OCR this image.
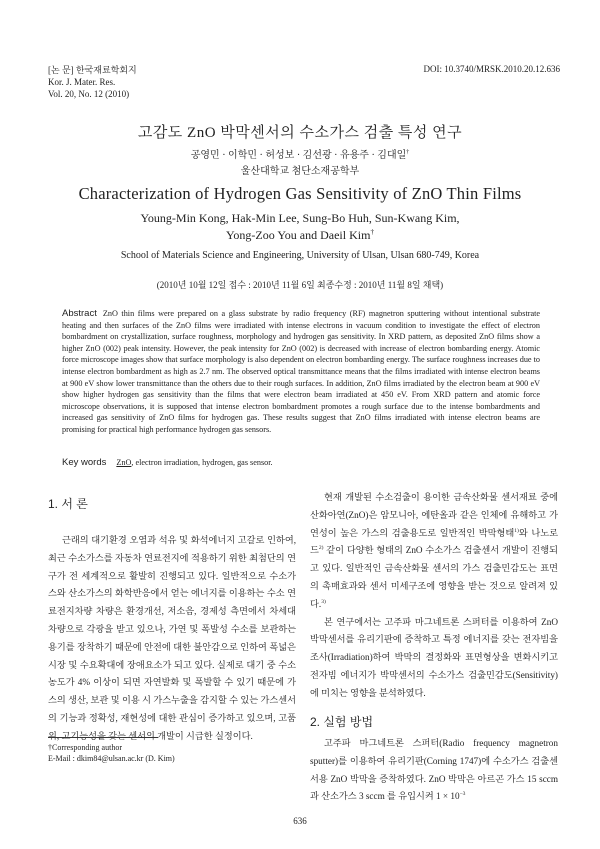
[논 문] 한국재료학회지
Kor. J. Mater. Res.
Vol. 20, No. 12 (2010)
DOI: 10.3740/MRSK.2010.20.12.636
고감도 ZnO 박막센서의 수소가스 검출 특성 연구
공영민 · 이학민 · 허성보 · 김선광 · 유용주 · 김대일†
울산대학교 첨단소재공학부
Characterization of Hydrogen Gas Sensitivity of ZnO Thin Films
Young-Min Kong, Hak-Min Lee, Sung-Bo Huh, Sun-Kwang Kim,
Yong-Zoo You and Daeil Kim†
School of Materials Science and Engineering, University of Ulsan, Ulsan 680-749, Korea
(2010년 10월 12일 접수 : 2010년 11월 6일 최종수정 : 2010년 11월 8일 채택)
Abstract ZnO thin films were prepared on a glass substrate by radio frequency (RF) magnetron sputtering without intentional substrate heating and then surfaces of the ZnO films were irradiated with intense electrons in vacuum condition to investigate the effect of electron bombardment on crystallization, surface roughness, morphology and hydrogen gas sensitivity. In XRD pattern, as deposited ZnO films show a higher ZnO (002) peak intensity. However, the peak intensity for ZnO (002) is decreased with increase of electron bombarding energy. Atomic force microscope images show that surface morphology is also dependent on electron bombarding energy. The surface roughness increases due to intense electron bombardment as high as 2.7 nm. The observed optical transmittance means that the films irradiated with intense electron beams at 900 eV show lower transmittance than the others due to their rough surfaces. In addition, ZnO films irradiated by the electron beam at 900 eV show higher hydrogen gas sensitivity than the films that were electron beam irradiated at 450 eV. From XRD pattern and atomic force microscope observations, it is supposed that intense electron bombardment promotes a rough surface due to the intense bombardments and increased gas sensitivity of ZnO films for hydrogen gas. These results suggest that ZnO films irradiated with intense electron beams are promising for practical high performance hydrogen gas sensors.
Key words ZnO, electron irradiation, hydrogen, gas sensor.
1. 서 론

근래의 대기환경 오염과 석유 및 화석에너지 고갈로 인하여, 최근 수소가스를 자동차 연료전지에 적용하기 위한 최첨단의 연구가 전 세계적으로 활발히 진행되고 있다. 일반적으로 수소가스와 산소가스의 화학반응에서 얻는 에너지를 이용하는 수소 연료전지차량 차량은 환경개선, 저소음, 경제성 측면에서 차세대 차량으로 각광을 받고 있으나, 가연 및 폭발성 수소를 보관하는 용기를 장착하기 때문에 안전에 대한 불안감으로 인하여 폭넓은 시장 및 수요확대에 장애요소가 되고 있다. 실제로 대기 중 수소농도가 4% 이상이 되면 자연발화 및 폭발할 수 있기 때문에 가스의 생산, 보관 및 이용 시 가스누출을 감지할 수 있는 가스센서의 기능과 정확성, 재현성에 대한 관심이 증가하고 있으며, 고품위, 고기능성을 갖는 센서의 개발이 시급한 실정이다.

현재 개발된 수소검출이 용이한 금속산화물 센서재료 중에 산화아연(ZnO)은 암모니아, 에탄올과 같은 인체에 유해하고 가연성이 높은 가스의 검출용도로 일반적인 박막형태$^{1)}$와 나노로드$^{2)}$ 같이 다양한 형태의 ZnO 수소가스 검출센서 개발이 진행되고 있다. 일반적인 금속산화물 센서의 가스 검출민감도는 표면의 촉매효과와 센서 미세구조에 영향을 받는 것으로 알려져 있다.$^{3)}$

본 연구에서는 고주파 마그네트론 스퍼터를 이용하여 ZnO 박막센서를 유리기판에 증착하고 특정 에너지를 갖는 전자빔을 조사(Irradiation)하여 박막의 결정화와 표면형상을 변화시키고 전자빔 에너지가 박막센서의 수소가스 검출민감도(Sensitivity)에 미치는 영향을 분석하였다.

2. 실험 방법

고주파 마그네트론 스퍼터(Radio frequency magnetron sputter)를 이용하여 유리기판(Corning 1747)에 수소가스 검출센서용 ZnO 박막을 증착하였다. ZnO 박막은 아르곤 가스 15 sccm과 산소가스 3 sccm 를 유입시켜 $1 \times 10^{-3}$

†Corresponding author
E-Mail : dkim84@ulsan.ac.kr (D. Kim)
636
